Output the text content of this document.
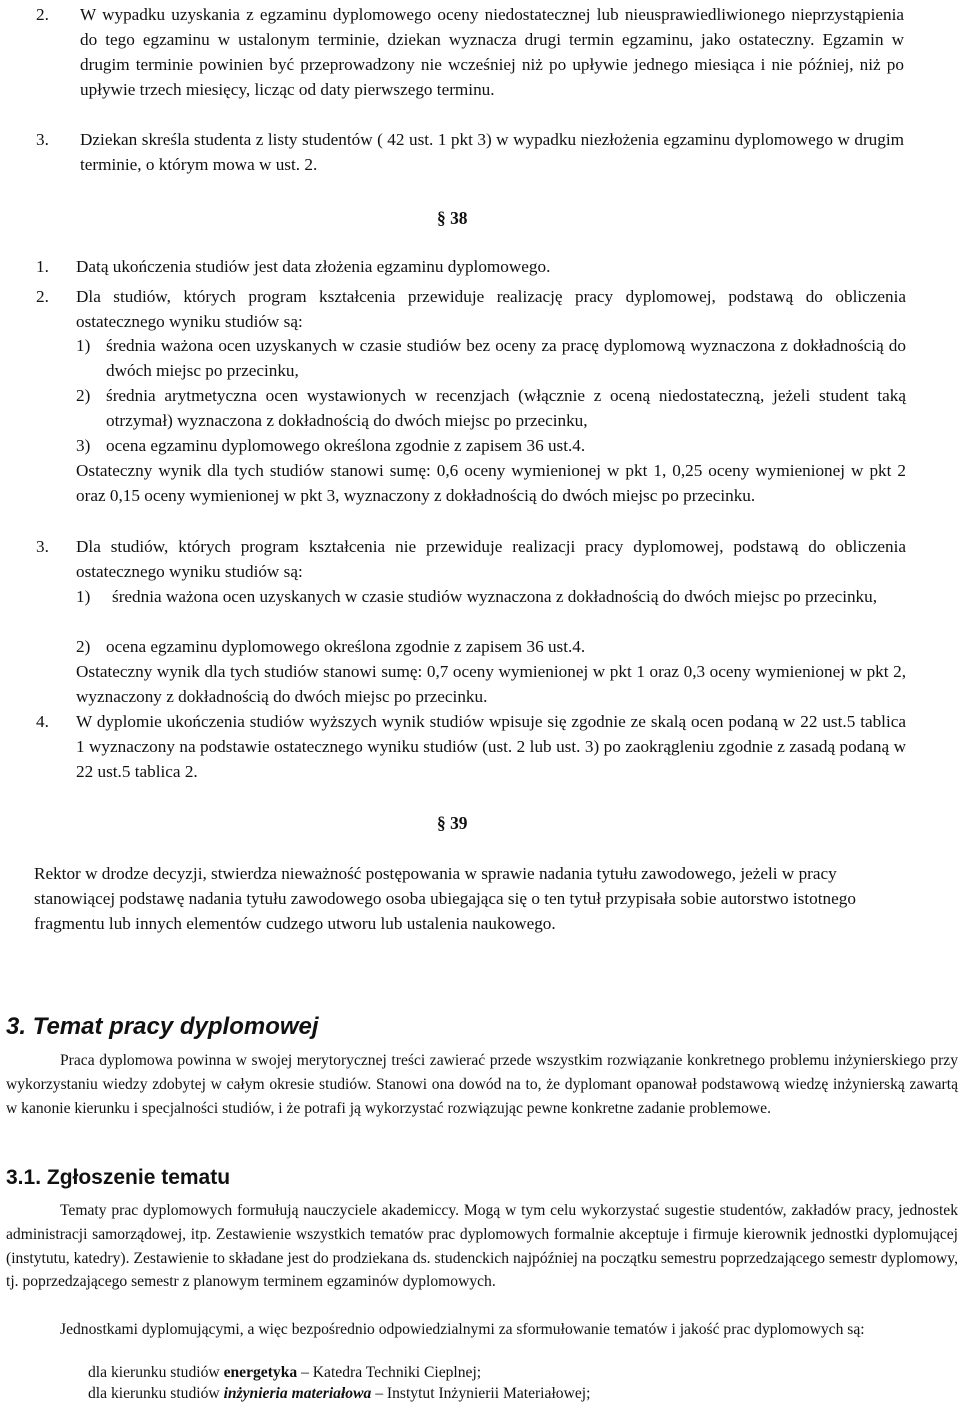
2. W wypadku uzyskania z egzaminu dyplomowego oceny niedostatecznej lub nieusprawiedliwionego nieprzystąpienia do tego egzaminu w ustalonym terminie, dziekan wyznacza drugi termin egzaminu, jako ostateczny. Egzamin w drugim terminie powinien być przeprowadzony nie wcześniej niż po upływie jednego miesiąca i nie później, niż po upływie trzech miesięcy, licząc od daty pierwszego terminu.

3. Dziekan skreśla studenta z listy studentów ( 42 ust. 1 pkt 3) w wypadku niezłożenia egzaminu dyplomowego w drugim terminie, o którym mowa w ust. 2.

§ 38
1. Datą ukończenia studiów jest data złożenia egzaminu dyplomowego.

2. Dla studiów, których program kształcenia przewiduje realizację pracy dyplomowej, podstawą do obliczenia ostatecznego wyniku studiów są:

1) średnia ważona ocen uzyskanych w czasie studiów bez oceny za pracę dyplomową wyznaczona z dokładnością do dwóch miejsc po przecinku,

2) średnia arytmetyczna ocen wystawionych w recenzjach (włącznie z oceną niedostateczną, jeżeli student taką otrzymał) wyznaczona z dokładnością do dwóch miejsc po przecinku,

3) ocena egzaminu dyplomowego określona zgodnie z zapisem 36 ust.4.

Ostateczny wynik dla tych studiów stanowi sumę: 0,6 oceny wymienionej w pkt 1, 0,25 oceny wymienionej w pkt 2 oraz 0,15 oceny wymienionej w pkt 3, wyznaczony z dokładnością do dwóch miejsc po przecinku.

3. Dla studiów, których program kształcenia nie przewiduje realizacji pracy dyplomowej, podstawą do obliczenia ostatecznego wyniku studiów są:

1) średnia ważona ocen uzyskanych w czasie studiów wyznaczona z dokładnością do dwóch miejsc po przecinku,

2) ocena egzaminu dyplomowego określona zgodnie z zapisem 36 ust.4.

Ostateczny wynik dla tych studiów stanowi sumę: 0,7 oceny wymienionej w pkt 1 oraz 0,3 oceny wymienionej w pkt 2, wyznaczony z dokładnością do dwóch miejsc po przecinku.

4. W dyplomie ukończenia studiów wyższych wynik studiów wpisuje się zgodnie ze skalą ocen podaną w 22 ust.5 tablica 1 wyznaczony na podstawie ostatecznego wyniku studiów (ust. 2 lub ust. 3) po zaokrągleniu zgodnie z zasadą podaną w 22 ust.5 tablica 2.

§ 39

Rektor w drodze decyzji, stwierdza nieważność postępowania w sprawie nadania tytułu zawodowego, jeżeli w pracy stanowiącej podstawę nadania tytułu zawodowego osoba ubiegająca się o ten tytuł przypisała sobie autorstwo istotnego fragmentu lub innych elementów cudzego utworu lub ustalenia naukowego.

3. Temat pracy dyplomowej

Praca dyplomowa powinna w swojej merytorycznej treści zawierać przede wszystkim rozwiązanie konkretnego problemu inżynierskiego przy wykorzystaniu wiedzy zdobytej w całym okresie studiów. Stanowi ona dowód na to, że dyplomant opanował podstawową wiedzę inżynierską zawartą w kanonie kierunku i specjalności studiów, i że potrafi ją wykorzystać rozwiązując pewne konkretne zadanie problemowe.

3.1. Zgłoszenie tematu

Tematy prac dyplomowych formułują nauczyciele akademiccy. Mogą w tym celu wykorzystać sugestie studentów, zakładów pracy, jednostek administracji samorządowej, itp. Zestawienie wszystkich tematów prac dyplomowych formalnie akceptuje i firmuje kierownik jednostki dyplomującej (instytutu, katedry). Zestawienie to składane jest do prodziekana ds. studenckich najpóźniej na początku semestru poprzedzającego semestr dyplomowy, tj. poprzedzającego semestr z planowym terminem egzaminów dyplomowych.

Jednostkami dyplomującymi, a więc bezpośrednio odpowiedzialnymi za sformułowanie tematów i jakość prac dyplomowych są:

dla kierunku studiów energetyka – Katedra Techniki Cieplnej;

dla kierunku studiów inżynieria materiałowa – Instytut Inżynierii Materiałowej;
